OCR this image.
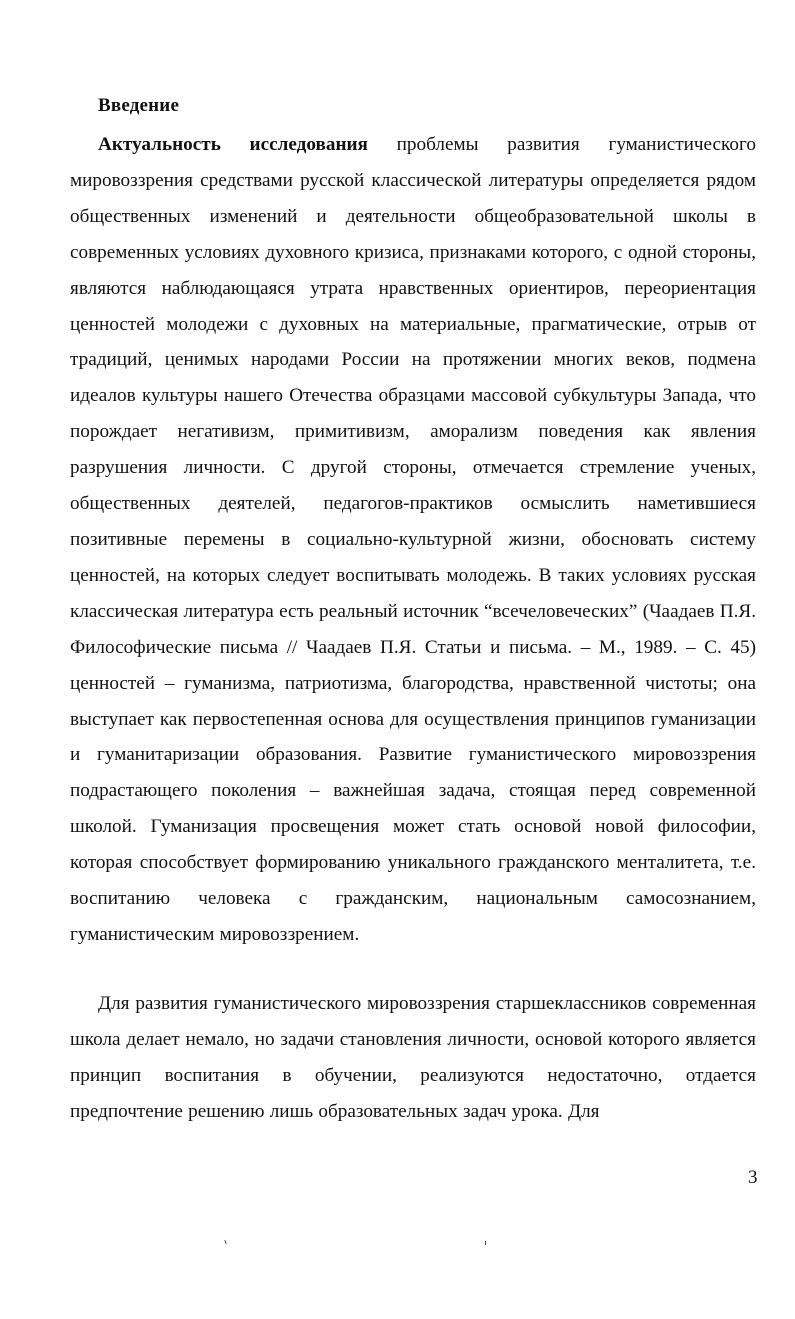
Введение

Актуальность исследования проблемы развития гуманистического мировоззрения средствами русской классической литературы определяется рядом общественных изменений и деятельности общеобразовательной школы в современных условиях духовного кризиса, признаками которого, с одной стороны, являются наблюдающаяся утрата нравственных ориентиров, переориентация ценностей молодежи с духовных на материальные, прагматические, отрыв от традиций, ценимых народами России на протяжении многих веков, подмена идеалов культуры нашего Отечества образцами массовой субкультуры Запада, что порождает негативизм, примитивизм, аморализм поведения как явления разрушения личности. С другой стороны, отмечается стремление ученых, общественных деятелей, педагогов-практиков осмыслить наметившиеся позитивные перемены в социально-культурной жизни, обосновать систему ценностей, на которых следует воспитывать молодежь. В таких условиях русская классическая литература есть реальный источник “всечеловеческих” (Чаадаев П.Я. Философические письма // Чаадаев П.Я. Статьи и письма. – М., 1989. – С. 45) ценностей – гуманизма, патриотизма, благородства, нравственной чистоты; она выступает как первостепенная основа для осуществления принципов гуманизации и гуманитаризации образования. Развитие гуманистического мировоззрения подрастающего поколения – важнейшая задача, стоящая перед современной школой. Гуманизация просвещения может стать основой новой философии, которая способствует формированию уникального гражданского менталитета, т.е. воспитанию человека с гражданским, национальным самосознанием, гуманистическим мировоззрением.

Для развития гуманистического мировоззрения старшеклассников современная школа делает немало, но задачи становления личности, основой которого является принцип воспитания в обучении, реализуются недостаточно, отдается предпочтение решению лишь образовательных задач урока. Для

3
